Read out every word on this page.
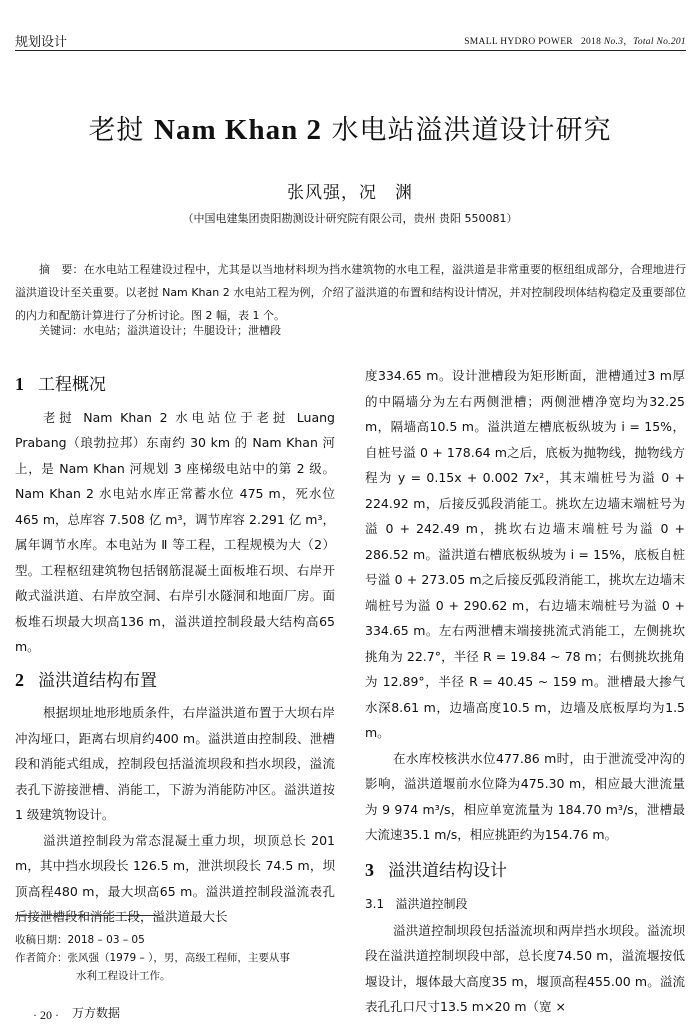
规划设计	SMALL HYDRO POWER 2018 No.3，Total No.201
老挝 Nam Khan 2 水电站溢洪道设计研究
张风强，况　渊
（中国电建集团贵阳勘测设计研究院有限公司，贵州 贵阳 550081）
摘　要：在水电站工程建设过程中，尤其是以当地材料坝为挡水建筑物的水电工程，溢洪道是非常重要的枢纽组成部分，合理地进行溢洪道设计至关重要。以老挝 Nam Khan 2 水电站工程为例，介绍了溢洪道的布置和结构设计情况，并对控制段坝体结构稳定及重要部位的内力和配筋计算进行了分析讨论。图 2 幅，表 1 个。
关键词：水电站；溢洪道设计；牛腿设计；泄槽段
1 工程概况

老挝 Nam Khan 2 水电站位于老挝 Luang Prabang（琅勃拉邦）东南约 30 km 的 Nam Khan 河上，是 Nam Khan 河规划 3 座梯级电站中的第 2 级。Nam Khan 2 水电站水库正常蓄水位 475 m，死水位 465 m，总库容 7.508 亿 m³，调节库容 2.291 亿 m³，属年调节水库。本电站为 Ⅱ 等工程，工程规模为大（2）型。工程枢纽建筑物包括钢筋混凝土面板堆石坝、右岸开敞式溢洪道、右岸放空洞、右岸引水隧洞和地面厂房。面板堆石坝最大坝高136 m，溢洪道控制段最大结构高65 m。

2 溢洪道结构布置

根据坝址地形地质条件，右岸溢洪道布置于大坝右岸冲沟垭口，距离右坝肩约400 m。溢洪道由控制段、泄槽段和消能式组成，控制段包括溢流坝段和挡水坝段，溢流表孔下游接泄槽、消能工，下游为消能防冲区。溢洪道按 1 级建筑物设计。

溢洪道控制段为常态混凝土重力坝，坝顶总长 201 m，其中挡水坝段长 126.5 m，泄洪坝段长 74.5 m，坝顶高程480 m，最大坝高65 m。溢洪道控制段溢流表孔后接泄槽段和消能工段，溢洪道最大长

收稿日期：2018 – 03 – 05
作者简介：张风强（1979 – ），男，高级工程师，主要从事
水利工程设计工作。
· 20 · 万方数据

度334.65 m。设计泄槽段为矩形断面，泄槽通过3 m厚的中隔墙分为左右两侧泄槽；两侧泄槽净宽均为32.25 m，隔墙高10.5 m。溢洪道左槽底板纵坡为 i = 15%，自桩号溢 0 + 178.64 m之后，底板为抛物线，抛物线方程为 y = 0.15x + 0.002 7x²，其末端桩号为溢 0 + 224.92 m，后接反弧段消能工。挑坎左边墙末端桩号为溢 0 + 242.49 m，挑坎右边墙末端桩号为溢 0 + 286.52 m。溢洪道右槽底板纵坡为 i = 15%，底板自桩号溢 0 + 273.05 m之后接反弧段消能工，挑坎左边墙末端桩号为溢 0 + 290.62 m，右边墙末端桩号为溢 0 + 334.65 m。左右两泄槽末端接挑流式消能工，左侧挑坎挑角为 22.7°，半径 R = 19.84 ~ 78 m；右侧挑坎挑角为 12.89°，半径 R = 40.45 ~ 159 m。泄槽最大掺气水深8.61 m，边墙高度10.5 m，边墙及底板厚均为1.5 m。

在水库校核洪水位477.86 m时，由于泄流受冲沟的影响，溢洪道堰前水位降为475.30 m，相应最大泄流量为 9 974 m³/s，相应单宽流量为 184.70 m³/s，泄槽最大流速35.1 m/s，相应挑距约为154.76 m。

3 溢洪道结构设计
3.1 溢洪道控制段

溢洪道控制坝段包括溢流坝和两岸挡水坝段。溢流坝段在溢洪道控制坝段中部，总长度74.50 m，溢流堰按低堰设计，堰体最大高度35 m，堰顶高程455.00 m。溢流表孔孔口尺寸13.5 m×20 m（宽 ×
